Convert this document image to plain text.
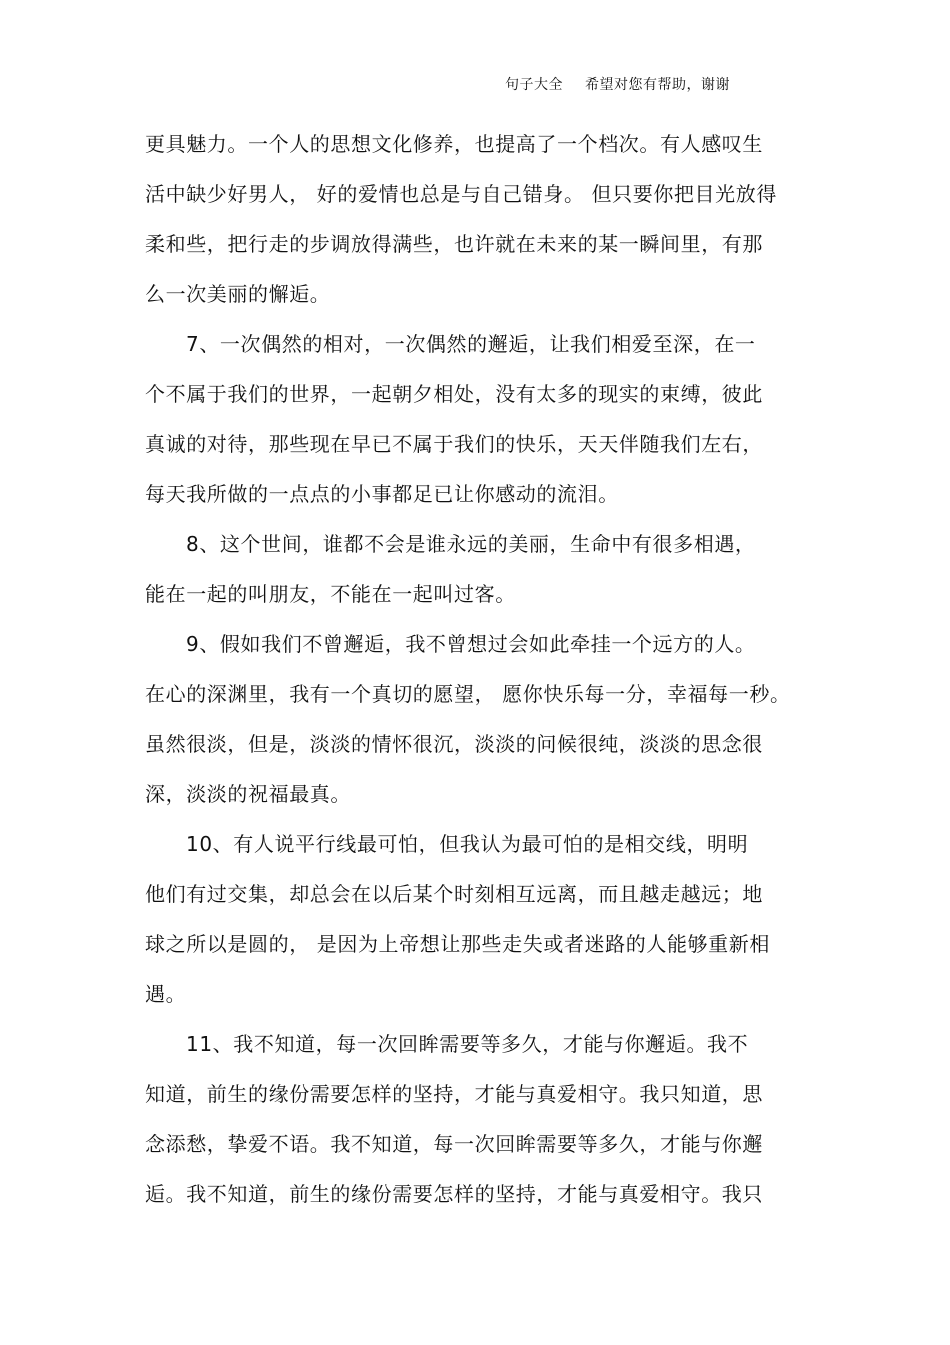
句子大全 希望对您有帮助，谢谢
更具魅力。一个人的思想文化修养，也提高了一个档次。有人感叹生
活中缺少好男人， 好的爱情也总是与自己错身。 但只要你把目光放得
柔和些，把行走的步调放得满些，也许就在未来的某一瞬间里，有那
么一次美丽的懈逅。
7、一次偶然的相对，一次偶然的邂逅，让我们相爱至深，在一
个不属于我们的世界，一起朝夕相处，没有太多的现实的束缚，彼此
真诚的对待，那些现在早已不属于我们的快乐，天天伴随我们左右，
每天我所做的一点点的小事都足已让你感动的流泪。
8、这个世间，谁都不会是谁永远的美丽，生命中有很多相遇，
能在一起的叫朋友，不能在一起叫过客。
9、假如我们不曾邂逅，我不曾想过会如此牵挂一个远方的人。
在心的深渊里，我有一个真切的愿望， 愿你快乐每一分，幸福每一秒。
虽然很淡，但是，淡淡的情怀很沉，淡淡的问候很纯，淡淡的思念很
深，淡淡的祝福最真。
10、有人说平行线最可怕，但我认为最可怕的是相交线，明明
他们有过交集，却总会在以后某个时刻相互远离，而且越走越远；地
球之所以是圆的， 是因为上帝想让那些走失或者迷路的人能够重新相
遇。
11、我不知道，每一次回眸需要等多久，才能与你邂逅。我不
知道，前生的缘份需要怎样的坚持，才能与真爱相守。我只知道，思
念添愁，挚爱不语。我不知道，每一次回眸需要等多久，才能与你邂
逅。我不知道，前生的缘份需要怎样的坚持，才能与真爱相守。我只
